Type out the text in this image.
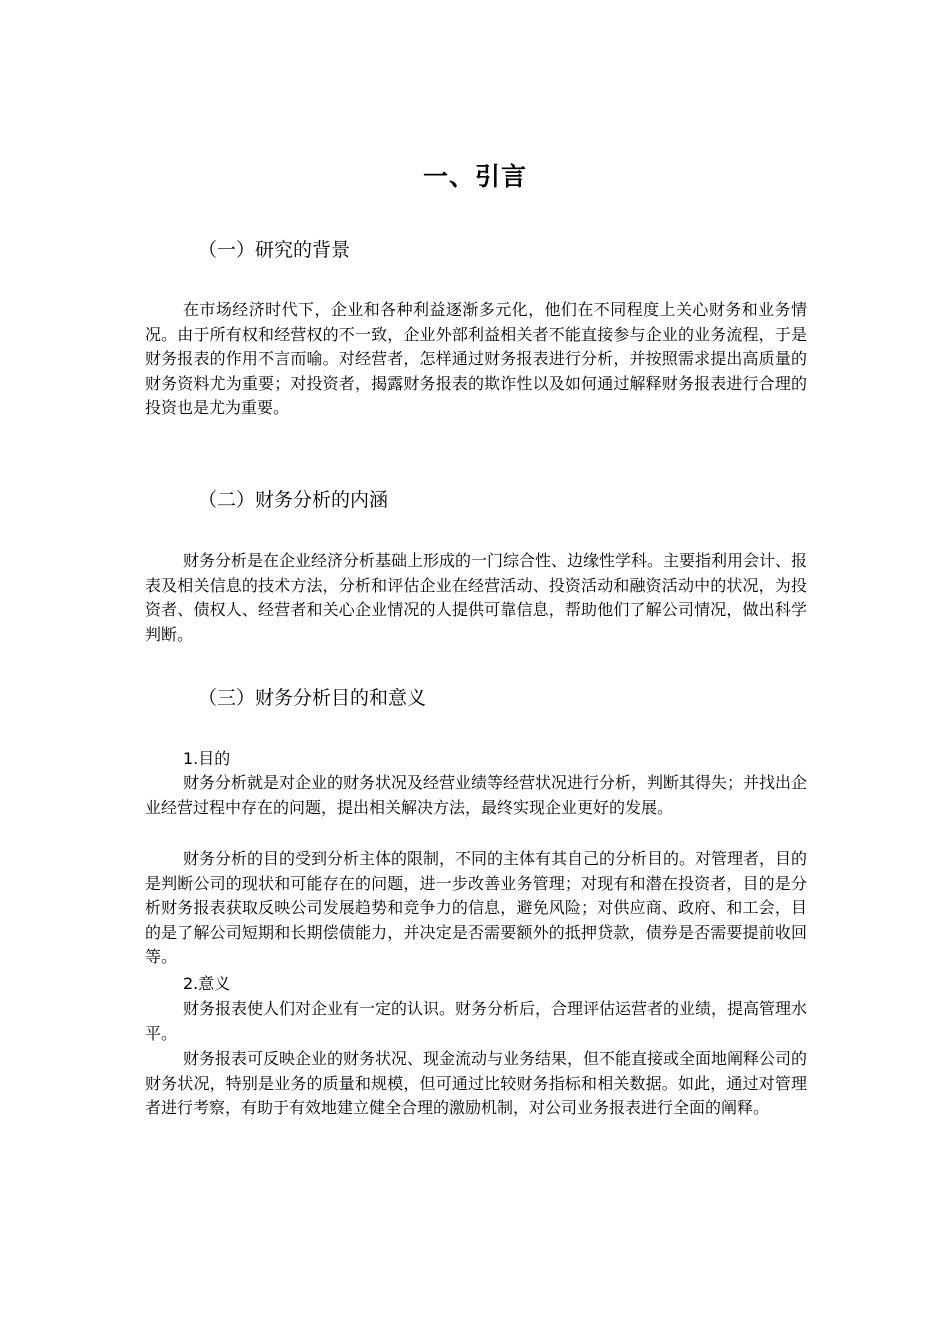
一、引言
（一）研究的背景

在市场经济时代下，企业和各种利益逐渐多元化，他们在不同程度上关心财务和业务情况。由于所有权和经营权的不一致，企业外部利益相关者不能直接参与企业的业务流程，于是财务报表的作用不言而喻。对经营者，怎样通过财务报表进行分析，并按照需求提出高质量的财务资料尤为重要；对投资者，揭露财务报表的欺诈性以及如何通过解释财务报表进行合理的投资也是尤为重要。

（二）财务分析的内涵

财务分析是在企业经济分析基础上形成的一门综合性、边缘性学科。主要指利用会计、报表及相关信息的技术方法，分析和评估企业在经营活动、投资活动和融资活动中的状况，为投资者、债权人、经营者和关心企业情况的人提供可靠信息，帮助他们了解公司情况，做出科学判断。

（三）财务分析目的和意义
1.目的

财务分析就是对企业的财务状况及经营业绩等经营状况进行分析，判断其得失；并找出企业经营过程中存在的问题，提出相关解决方法，最终实现企业更好的发展。

财务分析的目的受到分析主体的限制，不同的主体有其自己的分析目的。对管理者，目的是判断公司的现状和可能存在的问题，进一步改善业务管理；对现有和潜在投资者，目的是分析财务报表获取反映公司发展趋势和竞争力的信息，避免风险；对供应商、政府、和工会，目的是了解公司短期和长期偿债能力，并决定是否需要额外的抵押贷款，债券是否需要提前收回等。

2.意义

财务报表使人们对企业有一定的认识。财务分析后，合理评估运营者的业绩，提高管理水平。

财务报表可反映企业的财务状况、现金流动与业务结果，但不能直接或全面地阐释公司的财务状况，特别是业务的质量和规模，但可通过比较财务指标和相关数据。如此，通过对管理者进行考察，有助于有效地建立健全合理的激励机制，对公司业务报表进行全面的阐释。
